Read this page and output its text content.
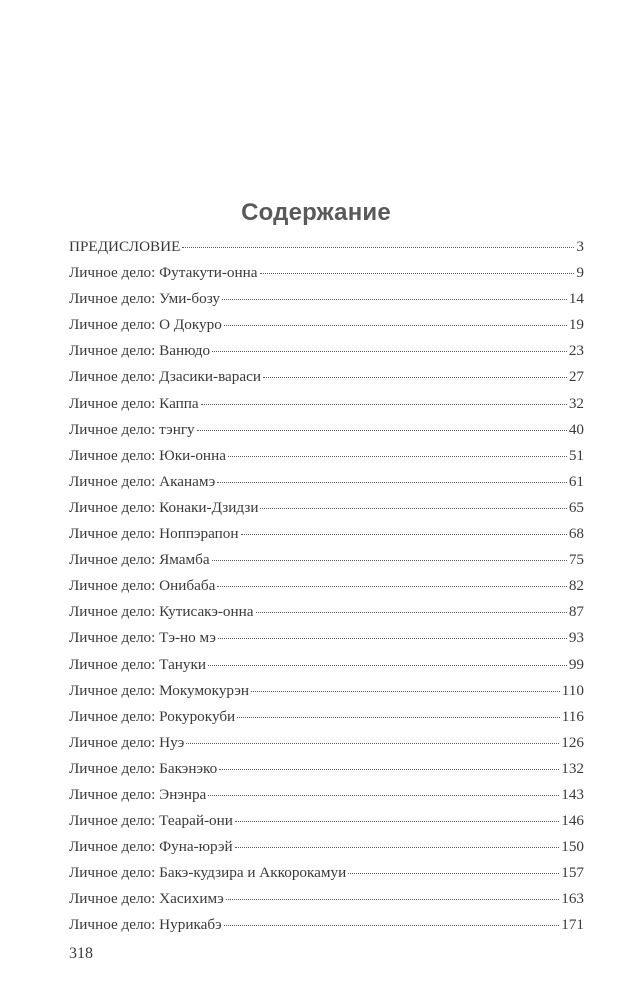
Содержание
ПРЕДИСЛОВИЕ	3
Личное дело: Футакути-онна	9
Личное дело: Уми-бозу	14
Личное дело: О Докуро	19
Личное дело: Ванюдо	23
Личное дело: Дзасики-вараси	27
Личное дело: Каппа	32
Личное дело: тэнгу	40
Личное дело: Юки-онна	51
Личное дело: Аканамэ	61
Личное дело: Конаки-Дзидзи	65
Личное дело: Ноппэрапон	68
Личное дело: Ямамба	75
Личное дело: Онибаба	82
Личное дело: Кутисакэ-онна	87
Личное дело: Тэ-но мэ	93
Личное дело: Тануки	99
Личное дело: Мокумокурэн	110
Личное дело: Рокурокуби	116
Личное дело: Нуэ	126
Личное дело: Бакэнэко	132
Личное дело: Энэнра	143
Личное дело: Теарай-они	146
Личное дело: Фуна-юрэй	150
Личное дело: Бакэ-кудзира и Аккорокамуи	157
Личное дело: Хасихимэ	163
Личное дело: Нурикабэ	171
318
